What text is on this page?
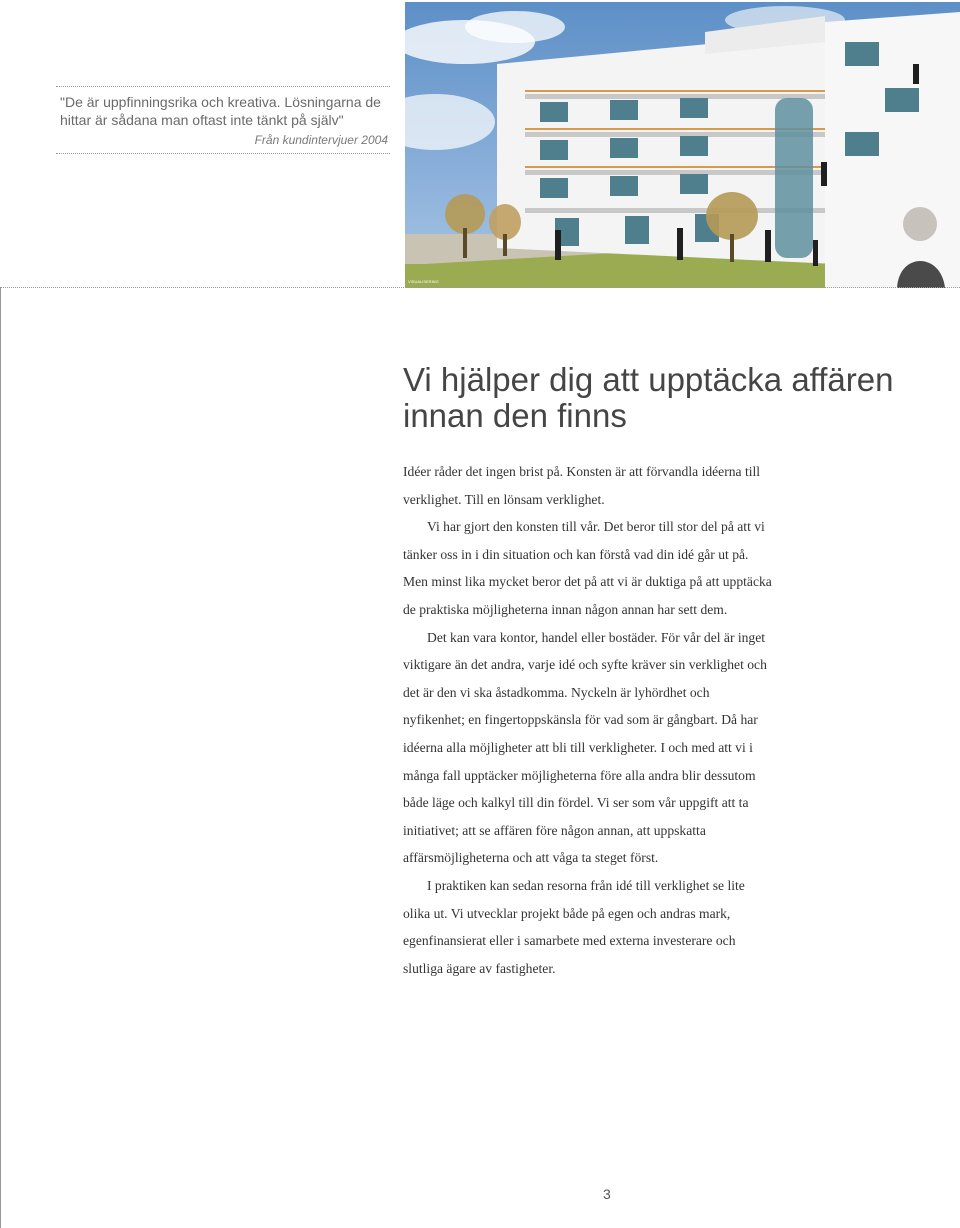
"De är uppfinningsrika och kreativa. Lösningarna de hittar är sådana man oftast inte tänkt på själv"
Från kundintervjuer 2004
VISUALISERING
Vi hjälper dig att upptäcka affären innan den finns

Idéer råder det ingen brist på. Konsten är att förvandla idéerna till verklighet. Till en lönsam verklighet.

Vi har gjort den konsten till vår. Det beror till stor del på att vi tänker oss in i din situation och kan förstå vad din idé går ut på. Men minst lika mycket beror det på att vi är duktiga på att upptäcka de praktiska möjligheterna innan någon annan har sett dem.

Det kan vara kontor, handel eller bostäder. För vår del är inget viktigare än det andra, varje idé och syfte kräver sin verklighet och det är den vi ska åstadkomma. Nyckeln är lyhördhet och nyfikenhet; en fingertoppskänsla för vad som är gångbart. Då har idéerna alla möjligheter att bli till verkligheter. I och med att vi i många fall upptäcker möjligheterna före alla andra blir dessutom både läge och kalkyl till din fördel. Vi ser som vår uppgift att ta initiativet; att se affären före någon annan, att uppskatta affärsmöjligheterna och att våga ta steget först.

I praktiken kan sedan resorna från idé till verklighet se lite olika ut. Vi utvecklar projekt både på egen och andras mark, egenfinansierat eller i samarbete med externa investerare och slutliga ägare av fastigheter.

3
